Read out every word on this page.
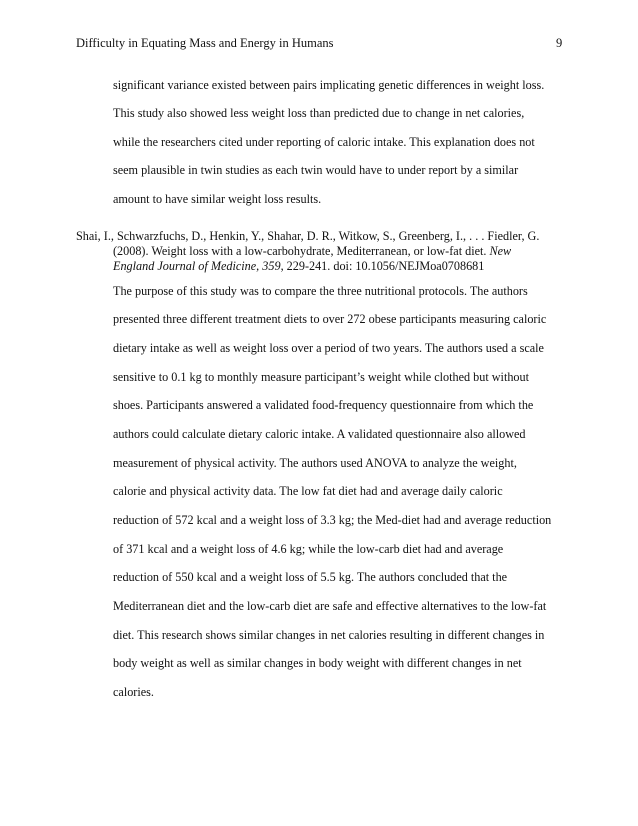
Difficulty in Equating Mass and Energy in Humans	9
significant variance existed between pairs implicating genetic differences in weight loss.
This study also showed less weight loss than predicted due to change in net calories,
while the researchers cited under reporting of caloric intake. This explanation does not
seem plausible in twin studies as each twin would have to under report by a similar
amount to have similar weight loss results.
Shai, I., Schwarzfuchs, D., Henkin, Y., Shahar, D. R., Witkow, S., Greenberg, I., . . . Fiedler, G.
(2008). Weight loss with a low-carbohydrate, Mediterranean, or low-fat diet. New
England Journal of Medicine, 359, 229-241. doi: 10.1056/NEJMoa0708681
The purpose of this study was to compare the three nutritional protocols. The authors
presented three different treatment diets to over 272 obese participants measuring caloric
dietary intake as well as weight loss over a period of two years. The authors used a scale
sensitive to 0.1 kg to monthly measure participant’s weight while clothed but without
shoes. Participants answered a validated food-frequency questionnaire from which the
authors could calculate dietary caloric intake. A validated questionnaire also allowed
measurement of physical activity. The authors used ANOVA to analyze the weight,
calorie and physical activity data. The low fat diet had and average daily caloric
reduction of 572 kcal and a weight loss of 3.3 kg; the Med-diet had and average reduction
of 371 kcal and a weight loss of 4.6 kg; while the low-carb diet had and average
reduction of 550 kcal and a weight loss of 5.5 kg. The authors concluded that the
Mediterranean diet and the low-carb diet are safe and effective alternatives to the low-fat
diet. This research shows similar changes in net calories resulting in different changes in
body weight as well as similar changes in body weight with different changes in net
calories.
